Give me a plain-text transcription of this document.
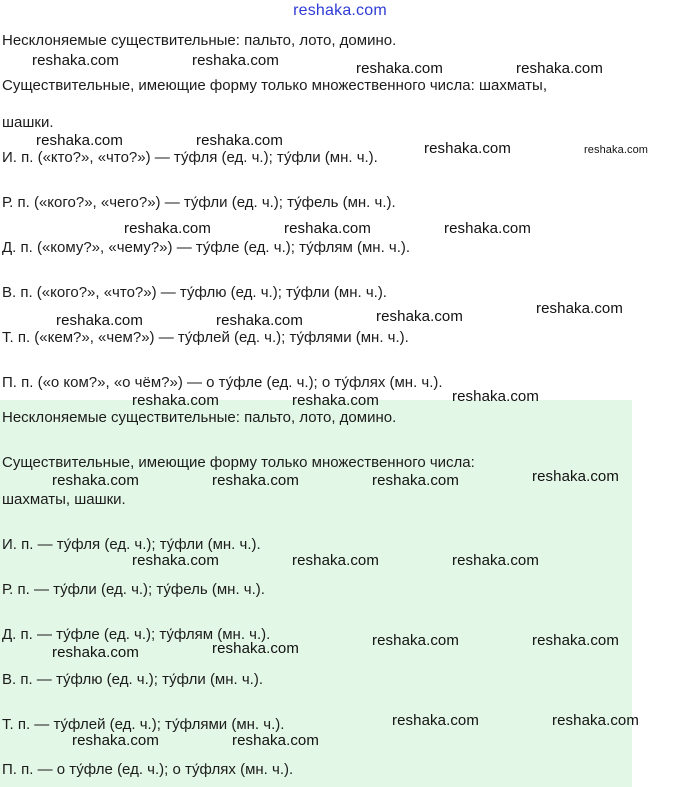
reshaka.com
Несклоняемые существительные: пальто, лото, домино.
Существительные, имеющие форму только множественного числа: шахматы,
шашки.
И. п. («кто?», «что?») — ту́фля (ед. ч.); ту́фли (мн. ч.).
Р. п. («кого?», «чего?») — ту́фли (ед. ч.); ту́фель (мн. ч.).
Д. п. («кому?», «чему?») — ту́фле (ед. ч.); ту́флям (мн. ч.).
В. п. («кого?», «что?») — ту́флю (ед. ч.); ту́фли (мн. ч.).
Т. п. («кем?», «чем?») — ту́флей (ед. ч.); ту́флями (мн. ч.).
П. п. («о ком?», «о чём?») — о ту́фле (ед. ч.); о ту́флях (мн. ч.).
Несклоняемые существительные: пальто, лото, домино.
Существительные, имеющие форму только множественного числа:
шахматы, шашки.
И. п. — ту́фля (ед. ч.); ту́фли (мн. ч.).
Р. п. — ту́фли (ед. ч.); ту́фель (мн. ч.).
Д. п. — ту́фле (ед. ч.); ту́флям (мн. ч.).
В. п. — ту́флю (ед. ч.); ту́фли (мн. ч.).
Т. п. — ту́флей (ед. ч.); ту́флями (мн. ч.).
П. п. — о ту́фле (ед. ч.); о ту́флях (мн. ч.).
reshaka.com	reshaka.com	reshaka.com	reshaka.com
reshaka.com	reshaka.com	reshaka.com	reshaka.com
reshaka.com	reshaka.com	reshaka.com
reshaka.com
reshaka.com	reshaka.com	reshaka.com
reshaka.com	reshaka.com	reshaka.com
reshaka.com	reshaka.com	reshaka.com	reshaka.com
reshaka.com	reshaka.com	reshaka.com
reshaka.com	reshaka.com
reshaka.com
reshaka.com
reshaka.com	reshaka.com
reshaka.com	reshaka.com
